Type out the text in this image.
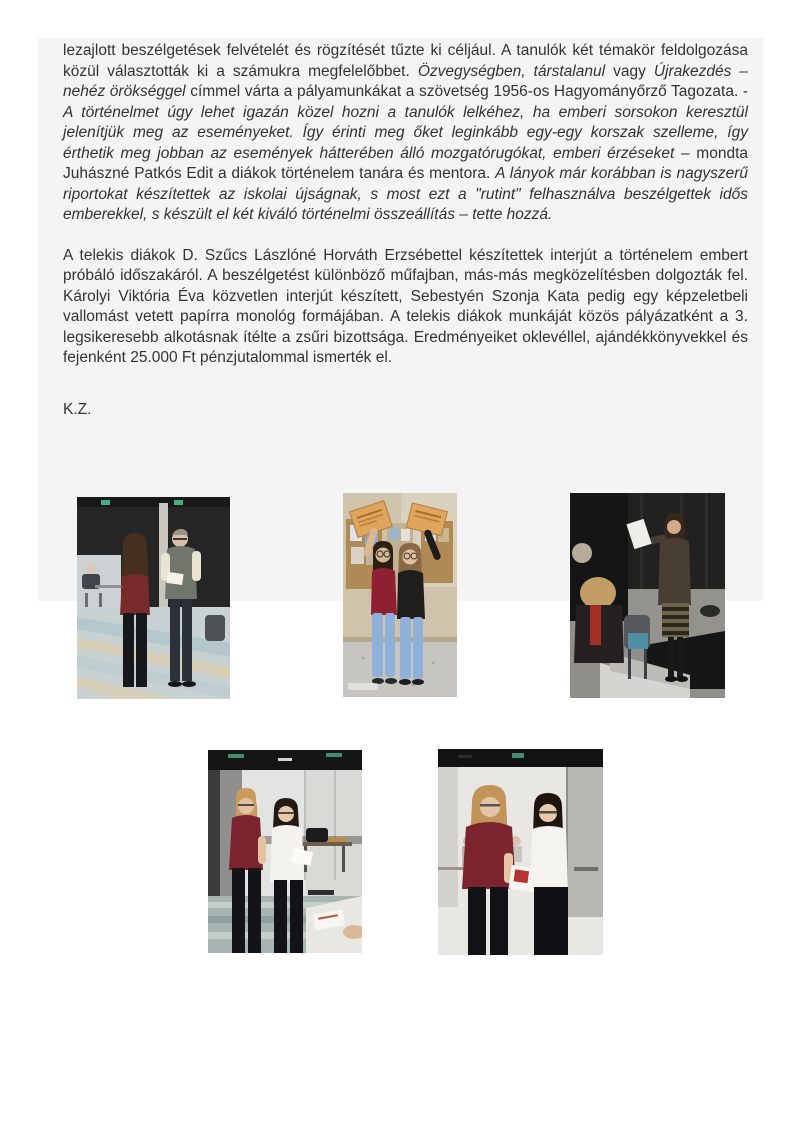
lezajlott beszélgetések felvételét és rögzítését tűzte ki céljául. A tanulók két témakör feldolgozása közül választották ki a számukra megfelelőbbet. Özvegységben, társtalanul vagy Újrakezdés – nehéz örökséggel címmel várta a pályamunkákat a szövetség 1956-os Hagyományőrző Tagozata. - A történelmet úgy lehet igazán közel hozni a tanulók lelkéhez, ha emberi sorsokon keresztül jelenítjük meg az eseményeket. Így érinti meg őket leginkább egy-egy korszak szelleme, így érthetik meg jobban az események hátterében álló mozgatórugókat, emberi érzéseket – mondta Juhászné Patkós Edit a diákok történelem tanára és mentora. A lányok már korábban is nagyszerű riportokat készítettek az iskolai újságnak, s most ezt a "rutint" felhasználva beszélgettek idős emberekkel, s készült el két kiváló történelmi összeállítás – tette hozzá.

A telekis diákok D. Szűcs Lászlóné Horváth Erzsébettel készítettek interjút a történelem embert próbáló időszakáról. A beszélgetést különböző műfajban, más-más megközelítésben dolgozták fel. Károlyi Viktória Éva közvetlen interjút készített, Sebestyén Szonja Kata pedig egy képzeletbeli vallomást vetett papírra monológ formájában. A telekis diákok munkáját közös pályázatként a 3. legsikeresebb alkotásnak ítélte a zsűri bizottsága. Eredményeiket oklevéllel, ajándékkönyvekkel és fejenként 25.000 Ft pénzjutalommal ismerték el.

K.Z.
